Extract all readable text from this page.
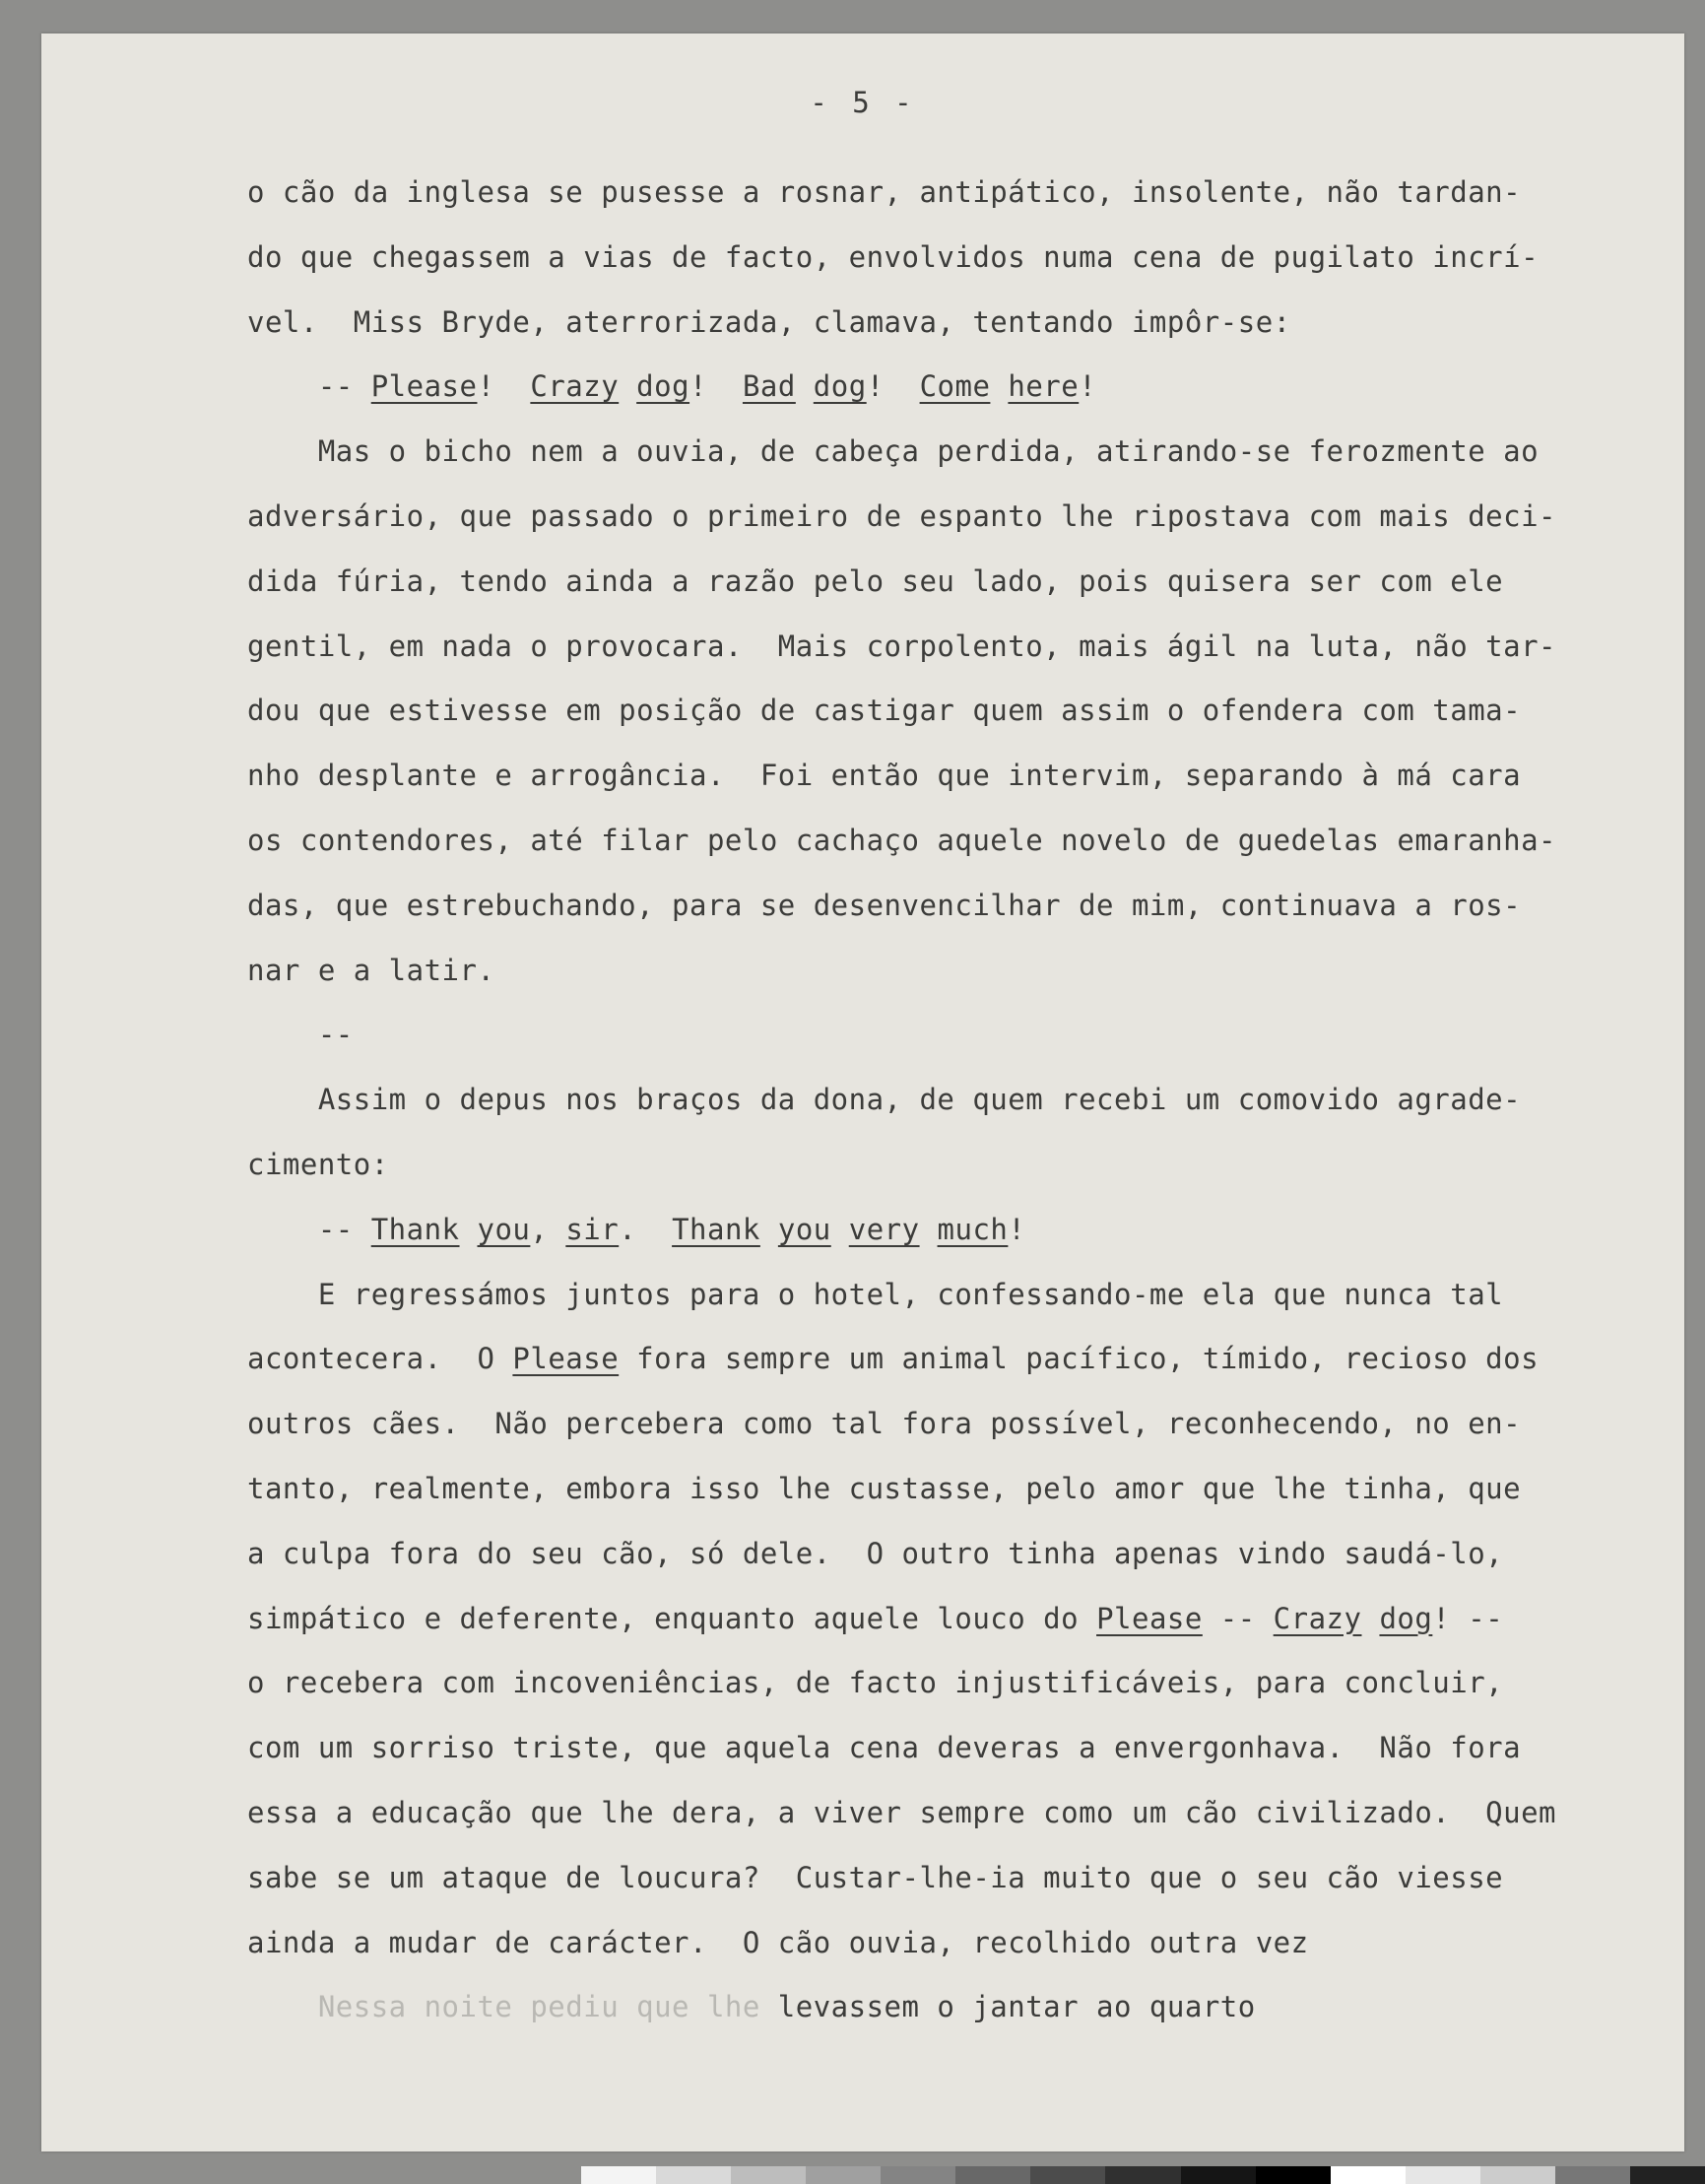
- 5 -
o cão da inglesa se pusesse a rosnar, antipático, insolente, não tardan-
do que chegassem a vias de facto, envolvidos numa cena de pugilato incrí-
vel.  Miss Bryde, aterrorizada, clamava, tentando impôr-se:
-- Please!  Crazy dog!  Bad dog!  Come here!
Mas o bicho nem a ouvia, de cabeça perdida, atirando-se ferozmente ao
adversário, que passado o primeiro de espanto lhe ripostava com mais deci-
dida fúria, tendo ainda a razão pelo seu lado, pois quisera ser com ele
gentil, em nada o provocara.  Mais corpolento, mais ágil na luta, não tar-
dou que estivesse em posição de castigar quem assim o ofendera com tama-
nho desplante e arrogância.  Foi então que intervim, separando à má cara
os contendores, até filar pelo cachaço aquele novelo de guedelas emaranha-
das, que estrebuchando, para se desenvencilhar de mim, continuava a ros-
nar e a latir.
--
Assim o depus nos braços da dona, de quem recebi um comovido agrade-
cimento:
-- Thank you, sir.  Thank you very much!
E regressámos juntos para o hotel, confessando-me ela que nunca tal
acontecera.  O Please fora sempre um animal pacífico, tímido, recioso dos
outros cães.  Não percebera como tal fora possível, reconhecendo, no en-
tanto, realmente, embora isso lhe custasse, pelo amor que lhe tinha, que
a culpa fora do seu cão, só dele.  O outro tinha apenas vindo saudá-lo,
simpático e deferente, enquanto aquele louco do Please -- Crazy dog! --
o recebera com incoveniências, de facto injustificáveis, para concluir,
com um sorriso triste, que aquela cena deveras a envergonhava.  Não fora
essa a educação que lhe dera, a viver sempre como um cão civilizado.  Quem
sabe se um ataque de loucura?  Custar-lhe-ia muito que o seu cão viesse
ainda a mudar de carácter.  O cão ouvia, recolhido outra vez
Nessa noite pediu que lhe levassem o jantar ao quarto
